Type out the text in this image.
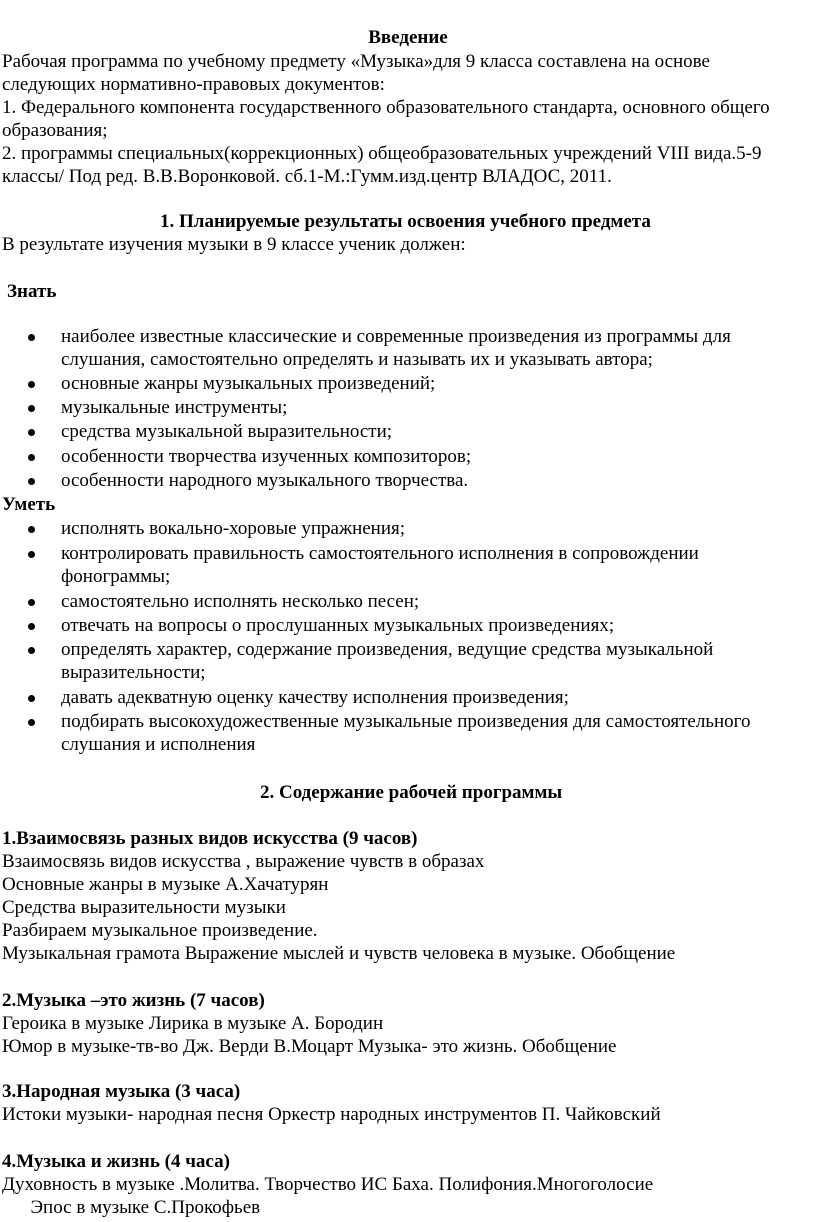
Введение
Рабочая программа по учебному предмету «Музыка»для 9 класса составлена на основе
следующих нормативно-правовых документов:
1. Федерального компонента государственного образовательного стандарта, основного общего
образования;
2. программы специальных(коррекционных) общеобразовательных учреждений VIII вида.5-9
классы/ Под ред. В.В.Воронковой. сб.1-М.:Гумм.изд.центр ВЛАДОС, 2011.
1. Планируемые результаты освоения учебного предмета
В результате изучения музыки в 9 классе ученик должен:
Знать
наиболее известные классические и современные произведения из программы для
слушания, самостоятельно определять и называть их и указывать автора;
основные жанры музыкальных произведений;
музыкальные инструменты;
средства музыкальной выразительности;
особенности творчества изученных композиторов;
особенности народного музыкального творчества.
Уметь
исполнять вокально-хоровые упражнения;
контролировать правильность самостоятельного исполнения в сопровождении
фонограммы;
самостоятельно исполнять несколько песен;
отвечать на вопросы о прослушанных музыкальных произведениях;
определять характер, содержание произведения, ведущие средства музыкальной
выразительности;
давать адекватную оценку качеству исполнения произведения;
подбирать высокохудожественные музыкальные произведения для самостоятельного
слушания и исполнения
2. Содержание рабочей программы
1.Взаимосвязь разных видов искусства (9 часов)
Взаимосвязь видов искусства , выражение чувств в образах
Основные жанры в музыке А.Хачатурян
Средства выразительности музыки
Разбираем музыкальное произведение.
Музыкальная грамота Выражение мыслей и чувств человека в музыке. Обобщение
2.Музыка –это жизнь (7 часов)
Героика в музыке Лирика в музыке А. Бородин
Юмор в музыке-тв-во Дж. Верди В.Моцарт Музыка- это жизнь. Обобщение
3.Народная музыка (3 часа)
Истоки музыки- народная песня Оркестр народных инструментов П. Чайковский
4.Музыка и жизнь (4 часа)
Духовность в музыке .Молитва. Творчество ИС Баха. Полифония.Многоголосие
Эпос в музыке С.Прокофьев
